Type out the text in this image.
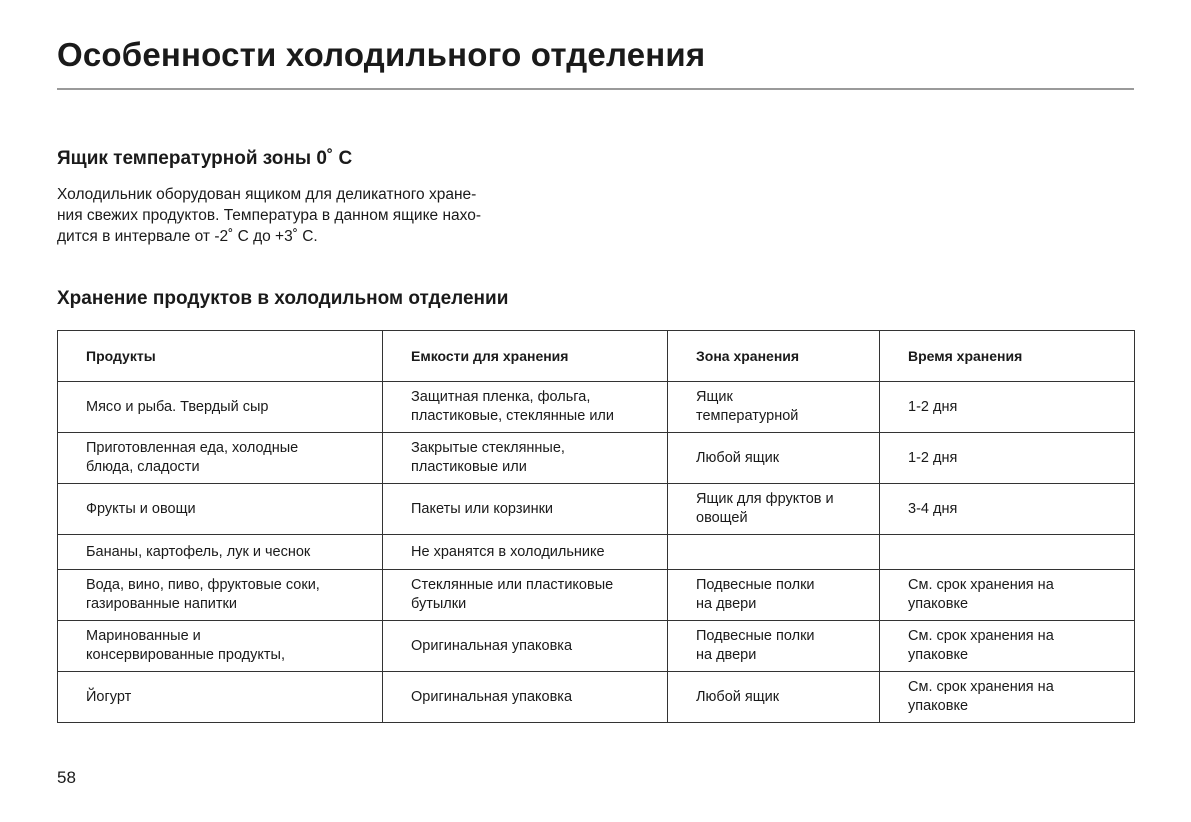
Особенности холодильного отделения
Ящик температурной зоны 0˚ С

Холодильник оборудован ящиком для деликатного хране-
ния свежих продуктов. Температура в данном ящике нахо-
дится в интервале от -2˚ С до +3˚ С.

Хранение продуктов в холодильном отделении
Продукты	Емкости для хранения	Зона хранения	Время хранения

Мясо и рыба. Твердый сыр	Защитная пленка, фольга,
пластиковые, стеклянные или	Ящик
температурной	1-2 дня

Приготовленная еда, холодные
блюда, сладости	Закрытые стеклянные,
пластиковые или	Любой ящик	1-2 дня

Фрукты и овощи	Пакеты или корзинки	Ящик для фруктов и
овощей	3-4 дня

Бананы, картофель, лук и чеснок	Не хранятся в холодильнике		

Вода, вино, пиво, фруктовые соки,
газированные напитки	Стеклянные или пластиковые
бутылки	Подвесные полки
на двери	См. срок хранения на
упаковке

Маринованные и
консервированные продукты,	Оригинальная упаковка	Подвесные полки
на двери	См. срок хранения на
упаковке

Йогурт	Оригинальная упаковка	Любой ящик	См. срок хранения на
упаковке
58
